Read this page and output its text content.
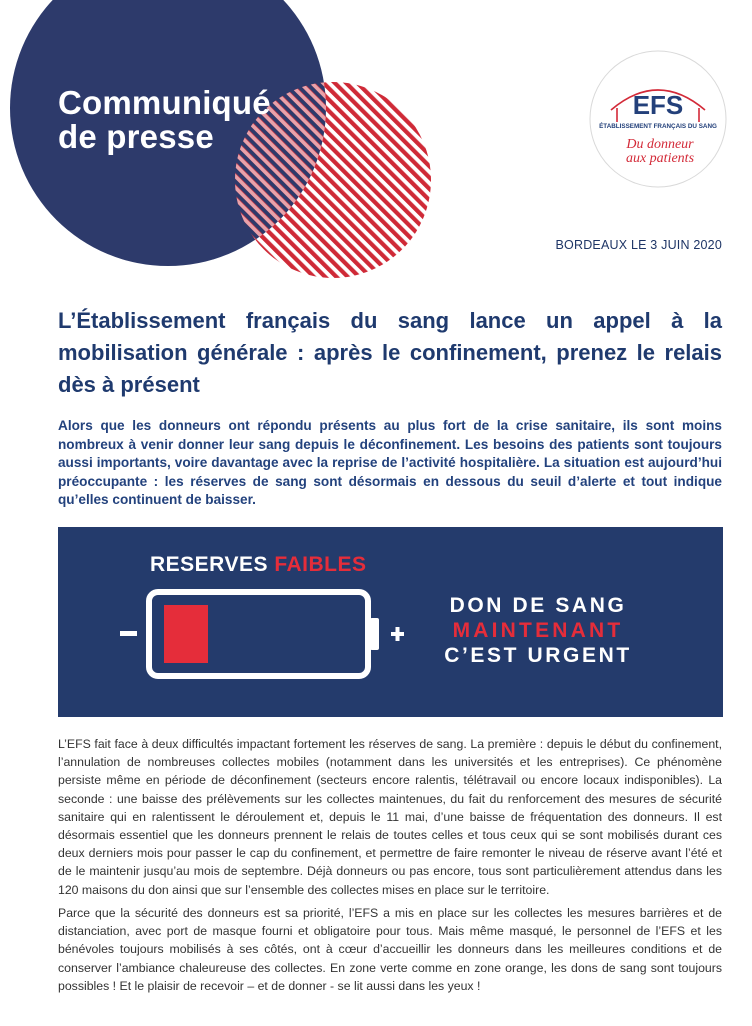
Communiqué
de presse
EFS
ÉTABLISSEMENT FRANÇAIS DU SANG
Du donneur
aux patients
BORDEAUX LE 3 JUIN 2020
L’Établissement français du sang lance un appel à la mobilisation générale : après le confinement, prenez le relais dès à présent
Alors que les donneurs ont répondu présents au plus fort de la crise sanitaire, ils sont moins nombreux à venir donner leur sang depuis le déconfinement. Les besoins des patients sont toujours aussi importants, voire davantage avec la reprise de l’activité hospitalière. La situation est aujourd’hui préoccupante : les réserves de sang sont désormais en dessous du seuil d’alerte et tout indique qu’elles continuent de baisser.
RESERVES FAIBLES
DON DE SANG
MAINTENANT
C’EST URGENT
L’EFS fait face à deux difficultés impactant fortement les réserves de sang. La première : depuis le début du confinement, l’annulation de nombreuses collectes mobiles (notamment dans les universités et les entreprises). Ce phénomène persiste même en période de déconfinement (secteurs encore ralentis, télétravail ou encore locaux indisponibles). La seconde : une baisse des prélèvements sur les collectes maintenues, du fait du renforcement des mesures de sécurité sanitaire qui en ralentissent le déroulement et, depuis le 11 mai, d’une baisse de fréquentation des donneurs. Il est désormais essentiel que les donneurs prennent le relais de toutes celles et tous ceux qui se sont mobilisés durant ces deux derniers mois pour passer le cap du confinement, et permettre de faire remonter le niveau de réserve avant l’été et de le maintenir jusqu’au mois de septembre. Déjà donneurs ou pas encore, tous sont particulièrement attendus dans les 120 maisons du don ainsi que sur l’ensemble des collectes mises en place sur le territoire.
Parce que la sécurité des donneurs est sa priorité, l’EFS a mis en place sur les collectes les mesures barrières et de distanciation, avec port de masque fourni et obligatoire pour tous. Mais même masqué, le personnel de l’EFS et les bénévoles toujours mobilisés à ses côtés, ont à cœur d’accueillir les donneurs dans les meilleures conditions et de conserver l’ambiance chaleureuse des collectes. En zone verte comme en zone orange, les dons de sang sont toujours possibles ! Et le plaisir de recevoir – et de donner - se lit aussi dans les yeux !
